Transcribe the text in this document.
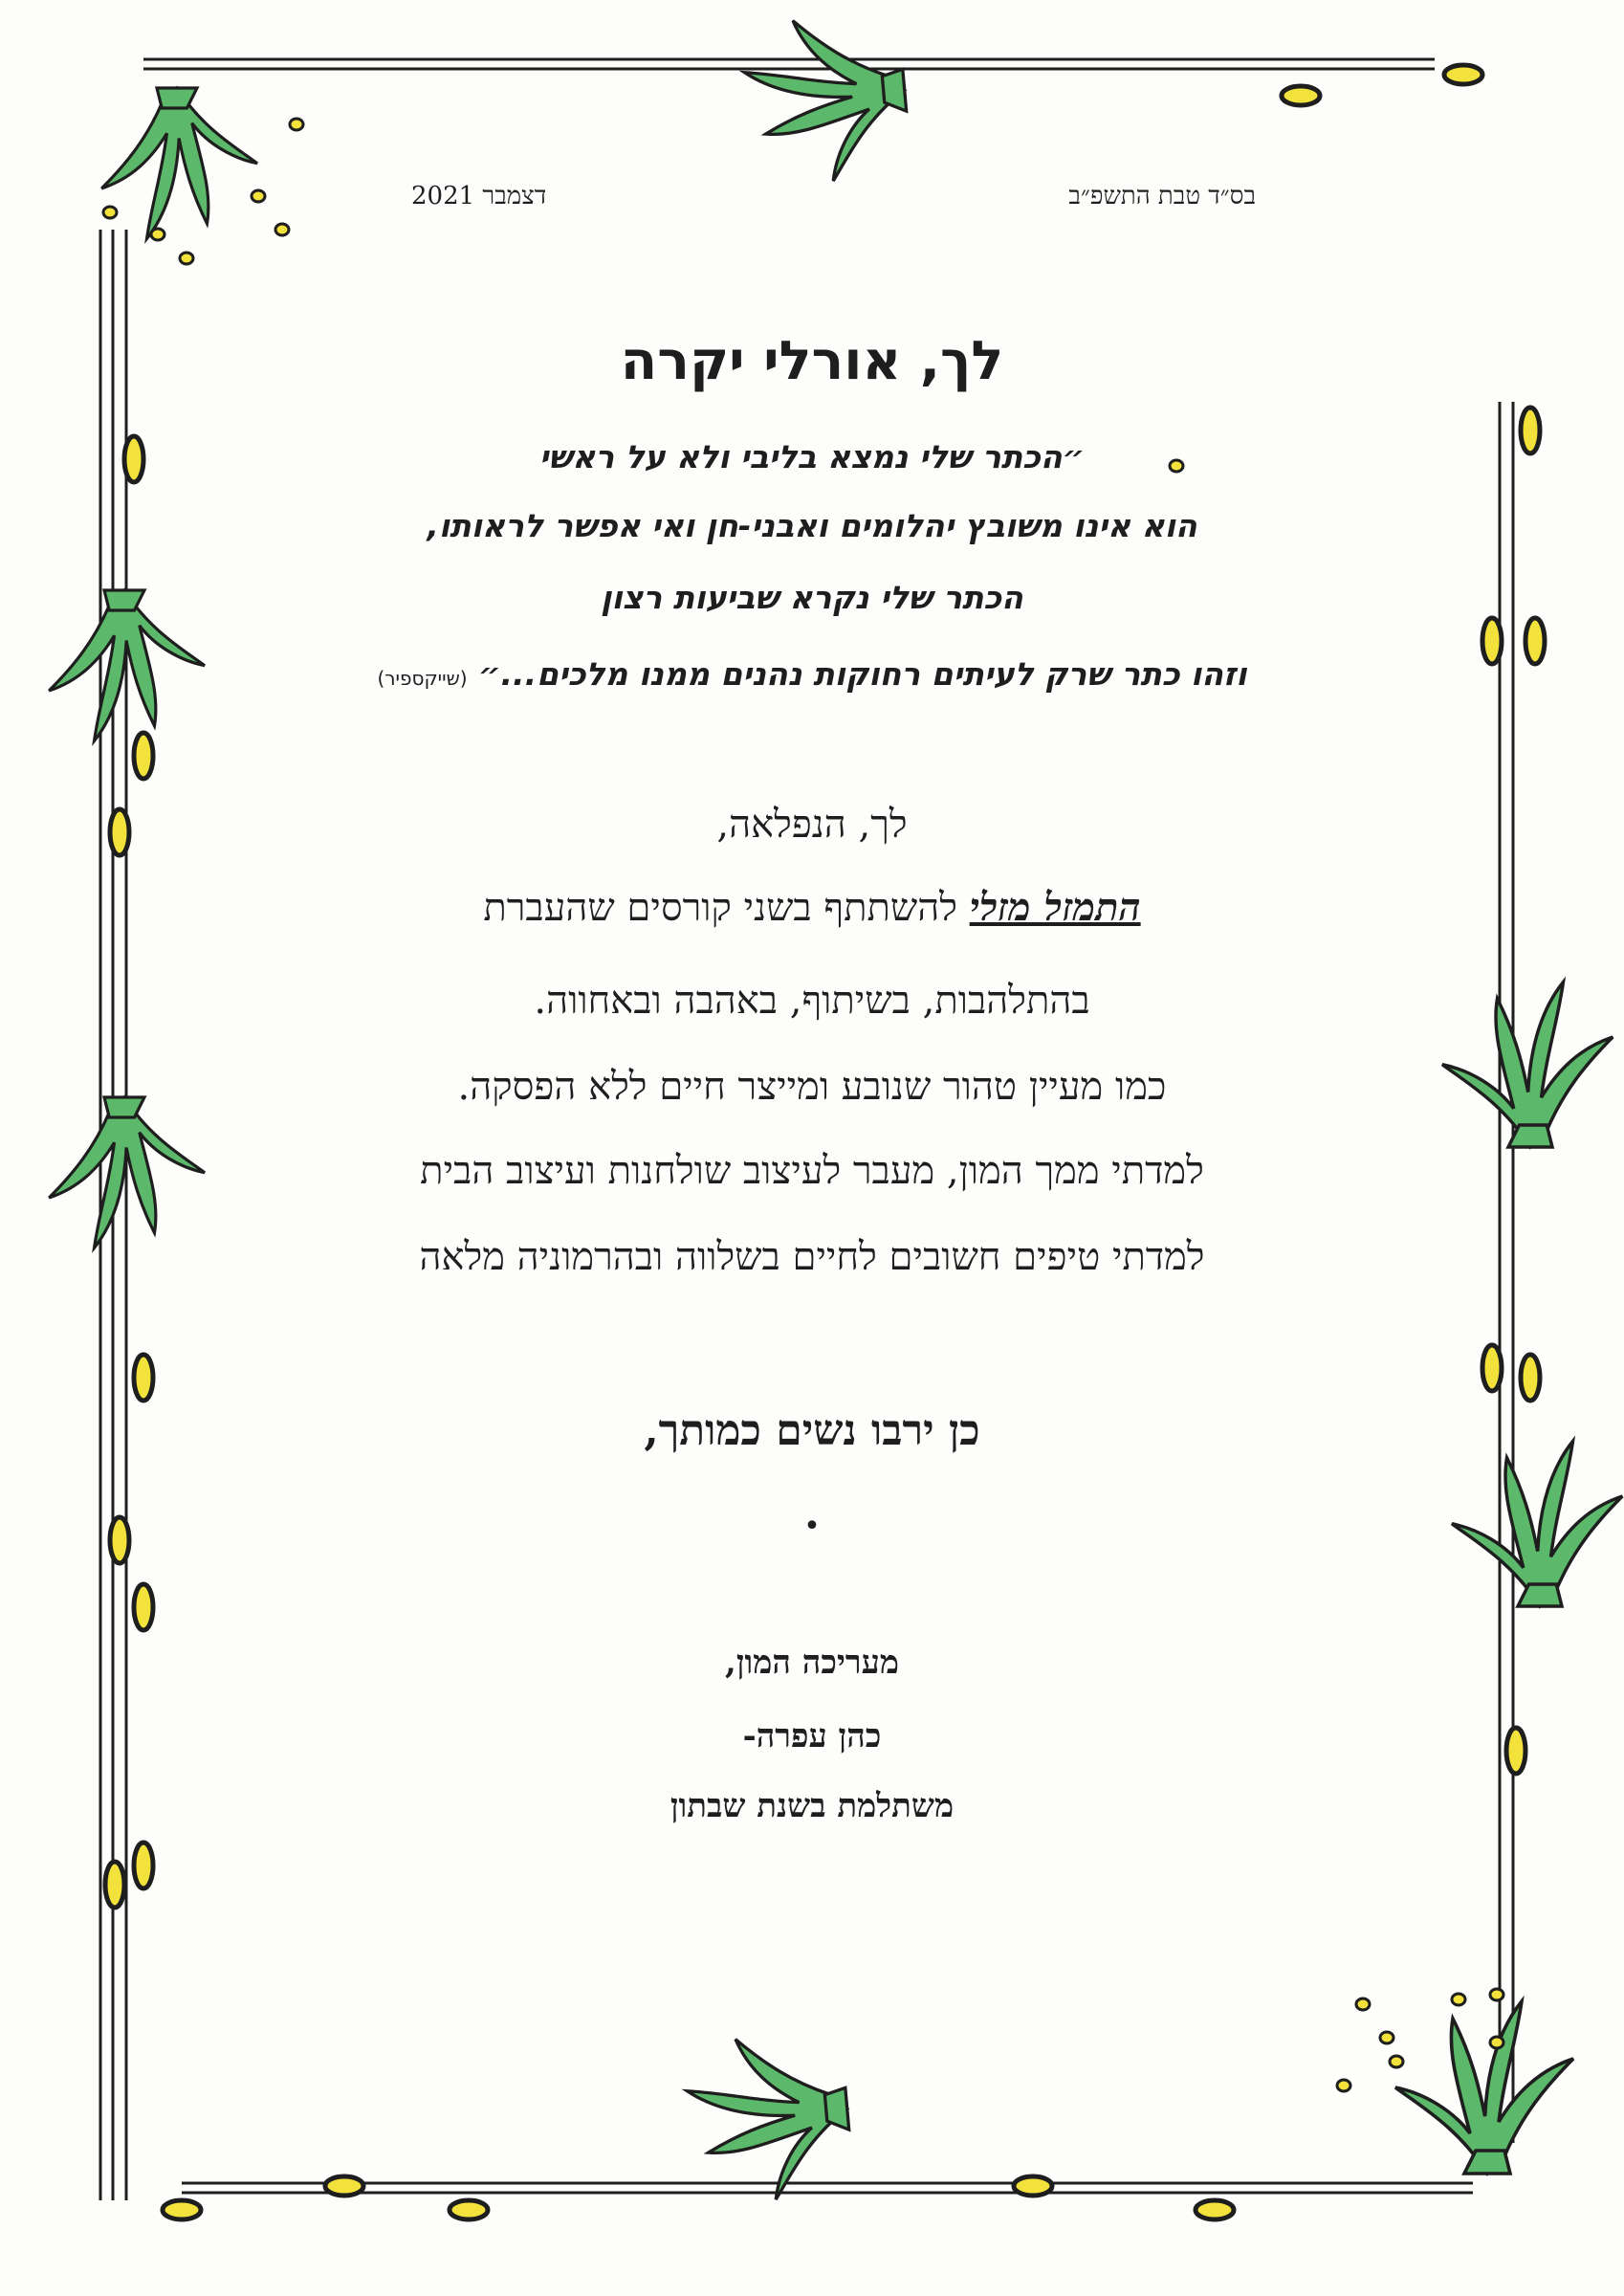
בס״ד טבת התשפ״ב
דצמבר 2021
לך, אורלי יקרה
״הכתר שלי נמצא בליבי ולא על ראשי
הוא אינו משובץ יהלומים ואבני-חן ואי אפשר לראותו,
הכתר שלי נקרא שביעות רצון
וזהו כתר שרק לעיתים רחוקות נהנים ממנו מלכים...״ (שייקספיר)
לך, הנפלאה,
התמזל מזלי להשתתף בשני קורסים שהעברת
בהתלהבות, בשיתוף, באהבה ובאחווה.
כמו מעיין טהור שנובע ומייצר חיים ללא הפסקה.
למדתי ממך המון, מעבר לעיצוב שולחנות ועיצוב הבית
למדתי טיפים חשובים לחיים בשלווה ובהרמוניה מלאה
כן ירבו נשים כמותך,
•
מעריכה המון,
כהן עפרה-
משתלמת בשנת שבתון
